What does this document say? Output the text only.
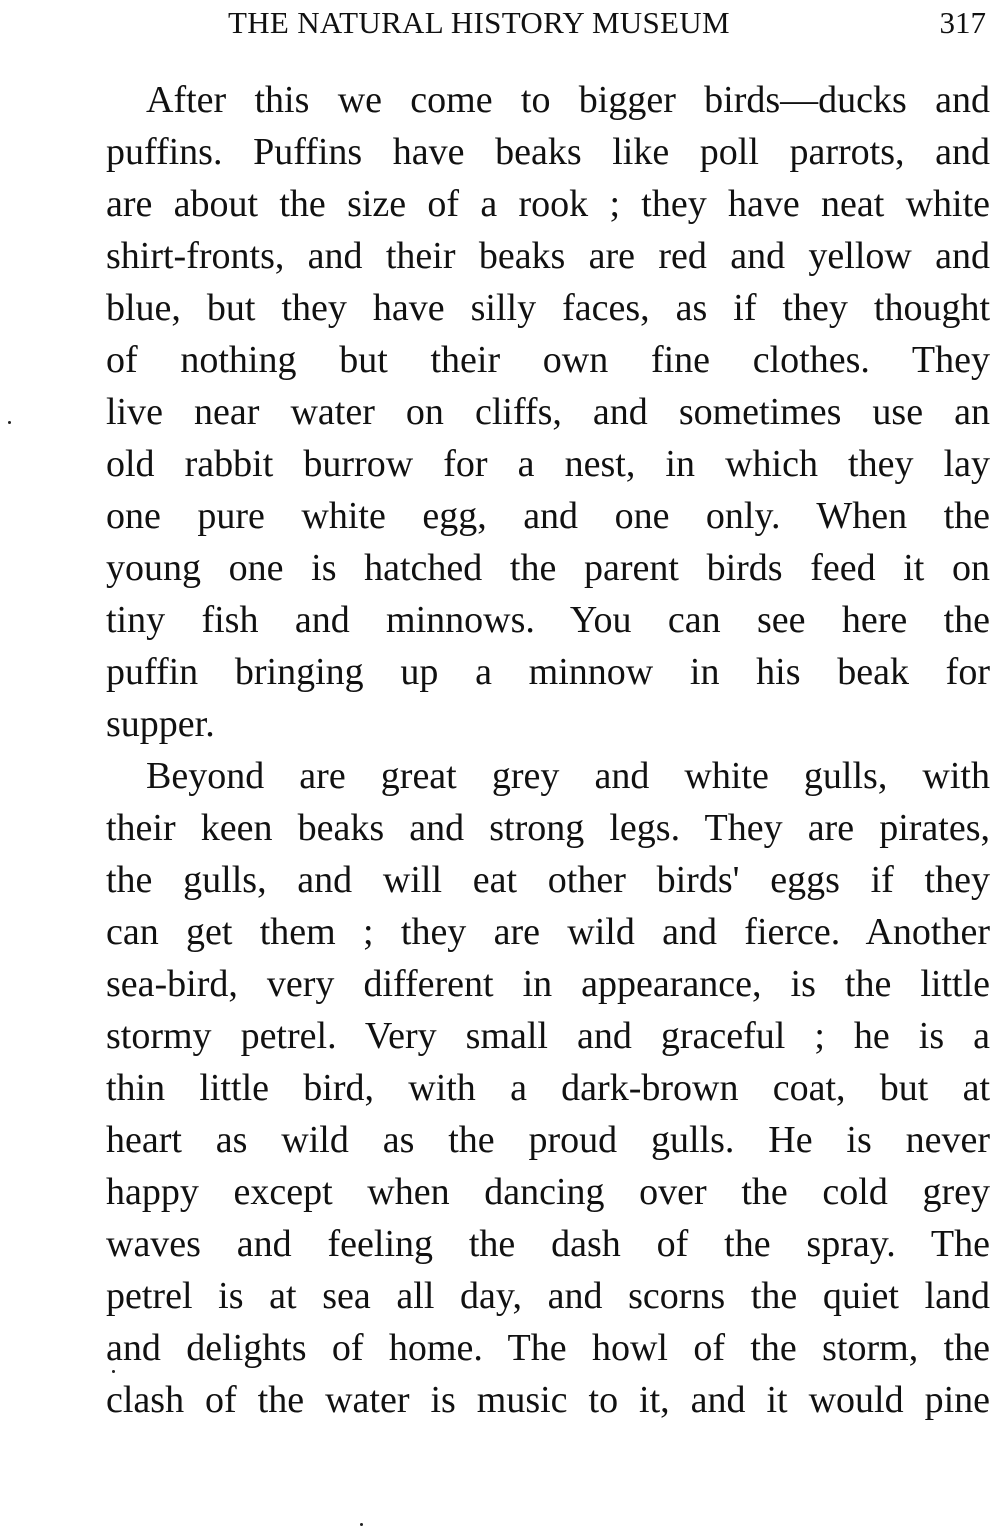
THE NATURAL HISTORY MUSEUM	317
After this we come to bigger birds—ducks and
puffins. Puffins have beaks like poll parrots, and
are about the size of a rook ; they have neat white
shirt-fronts, and their beaks are red and yellow and
blue, but they have silly faces, as if they thought
of nothing but their own fine clothes. They
live near water on cliffs, and sometimes use an
old rabbit burrow for a nest, in which they lay
one pure white egg, and one only. When the
young one is hatched the parent birds feed it on
tiny fish and minnows. You can see here the
puffin bringing up a minnow in his beak for
supper.
Beyond are great grey and white gulls, with
their keen beaks and strong legs. They are pirates,
the gulls, and will eat other birds' eggs if they
can get them ; they are wild and fierce. Another
sea-bird, very different in appearance, is the little
stormy petrel. Very small and graceful ; he is a
thin little bird, with a dark-brown coat, but at
heart as wild as the proud gulls. He is never
happy except when dancing over the cold grey
waves and feeling the dash of the spray. The
petrel is at sea all day, and scorns the quiet land
and delights of home. The howl of the storm, the
clash of the water is music to it, and it would pine
